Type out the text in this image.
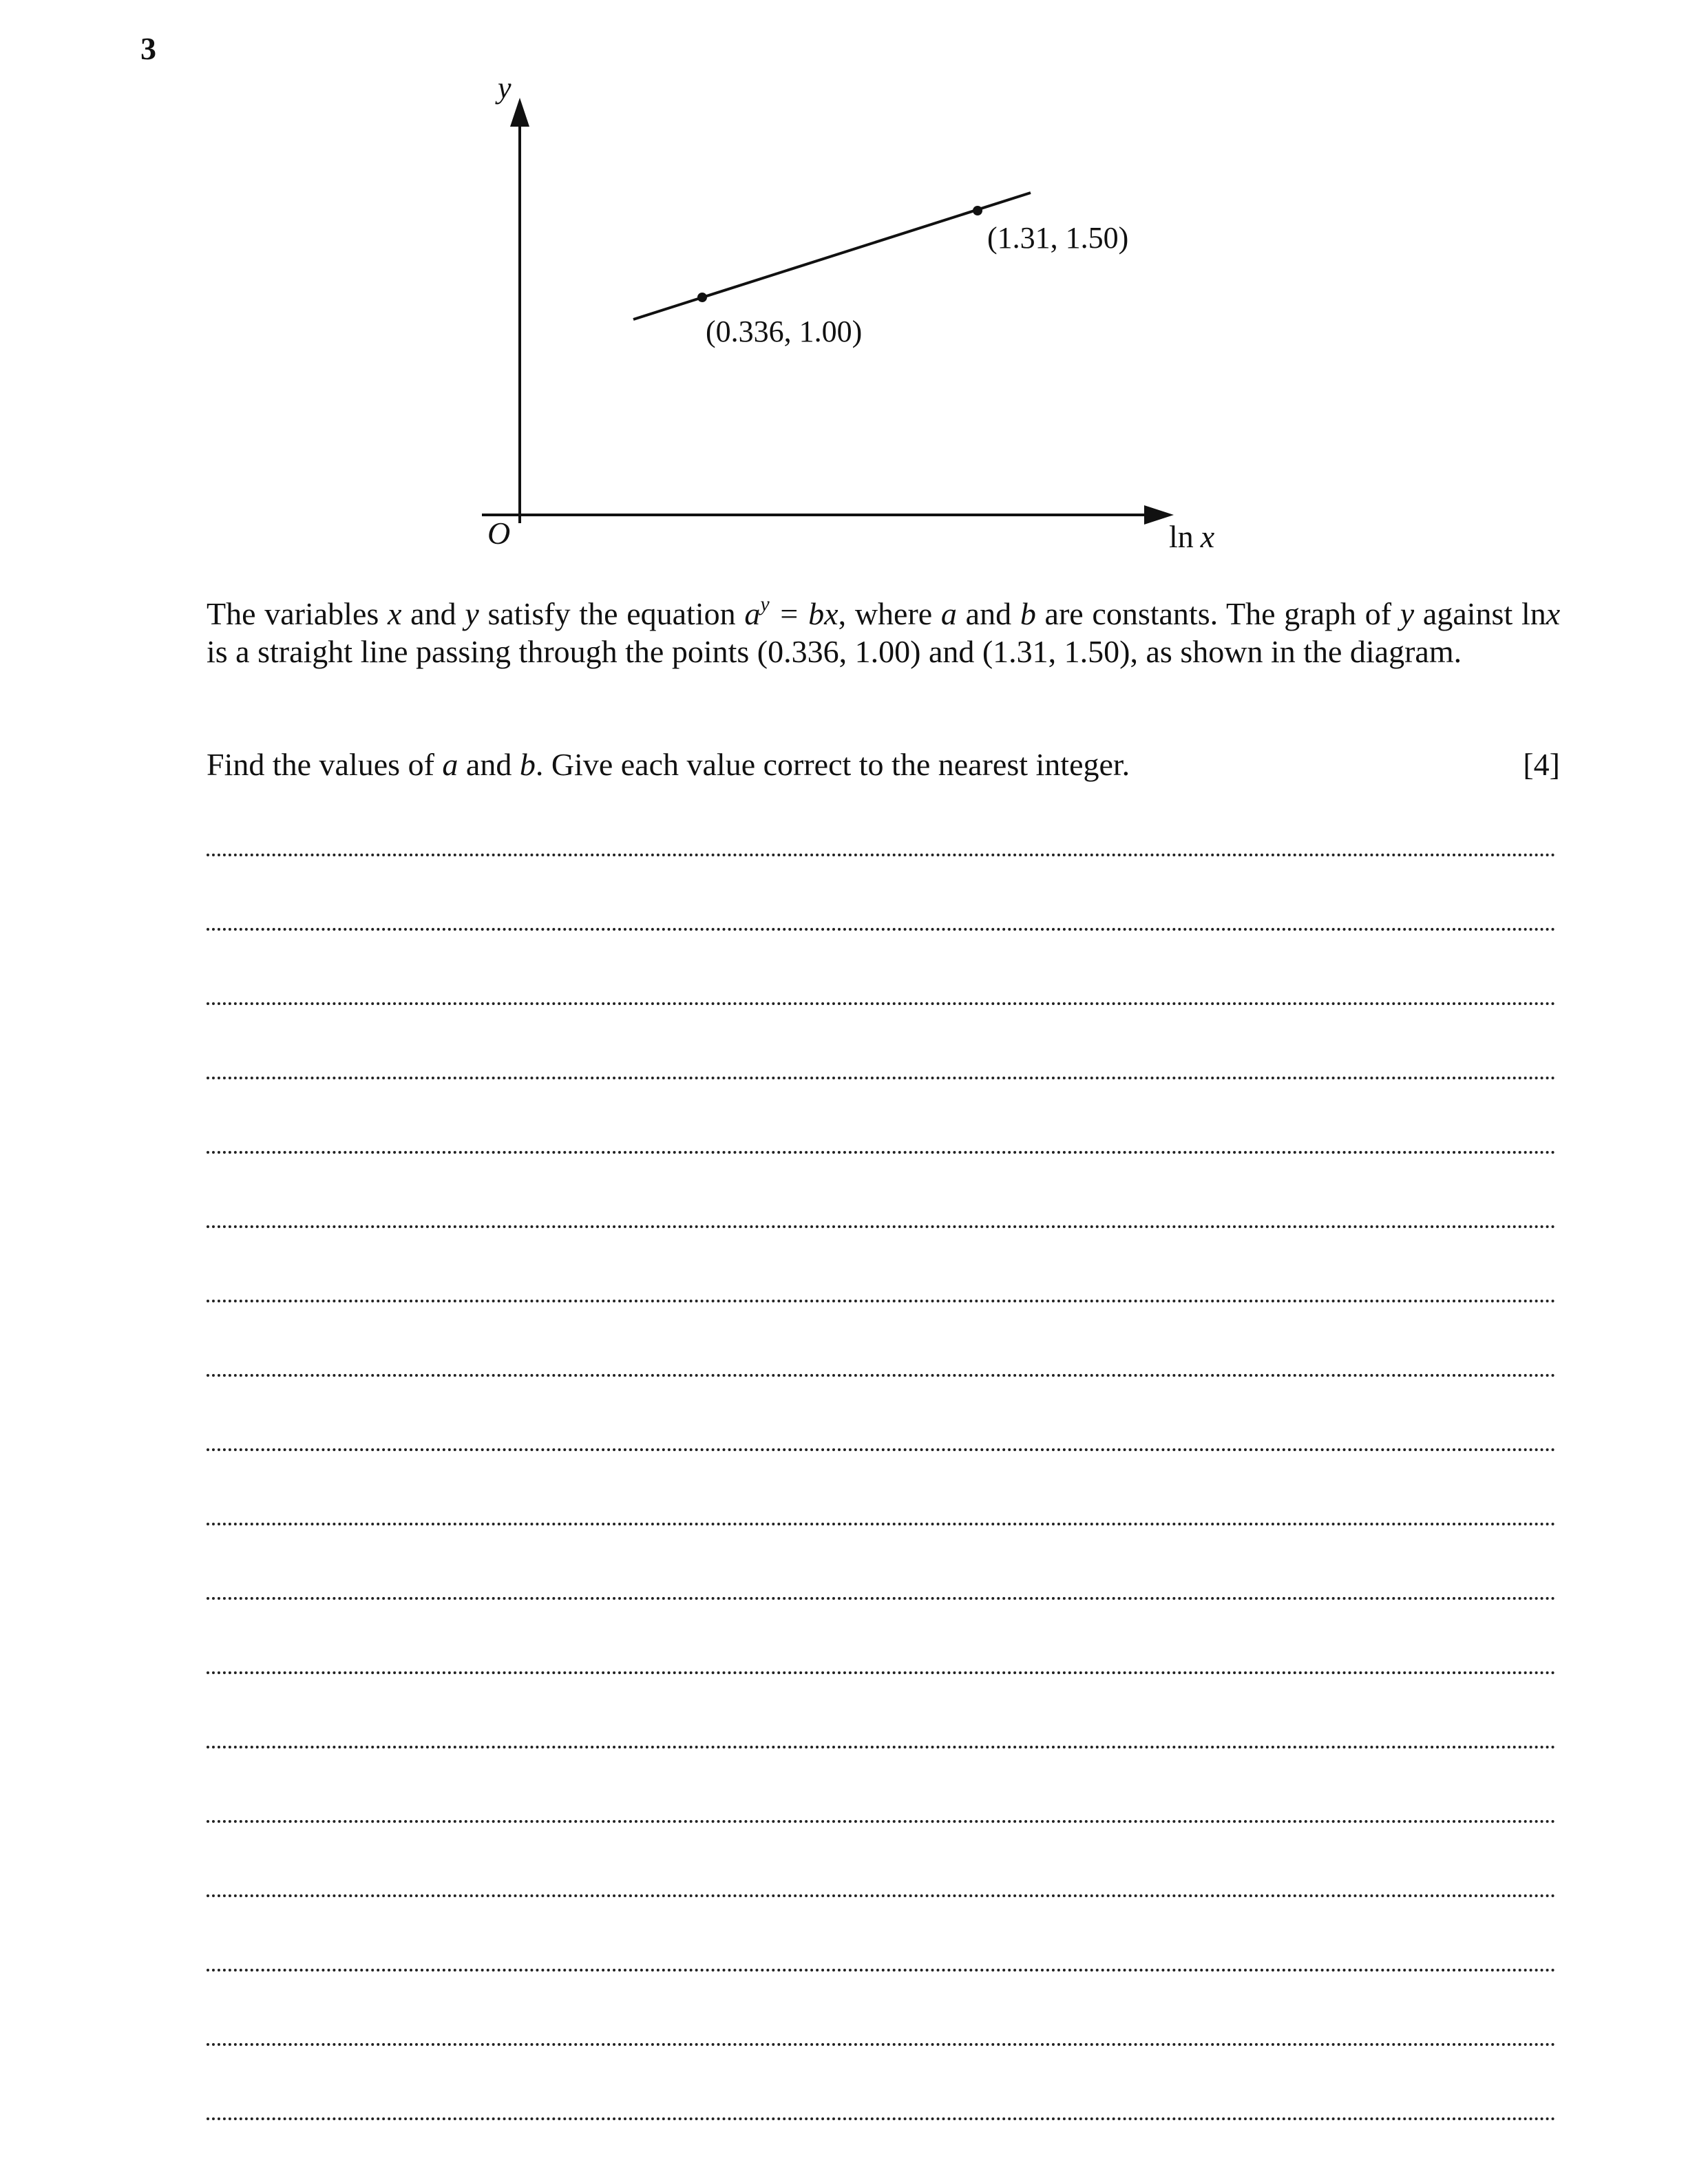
3
y
ln x
O
(0.336, 1.00)
(1.31, 1.50)
The variables x and y satisfy the equation $a^y$ = bx, where a and b are constants. The graph of y against lnx is a straight line passing through the points (0.336, 1.00) and (1.31, 1.50), as shown in the diagram.
Find the values of a and b. Give each value correct to the nearest integer.	[4]
